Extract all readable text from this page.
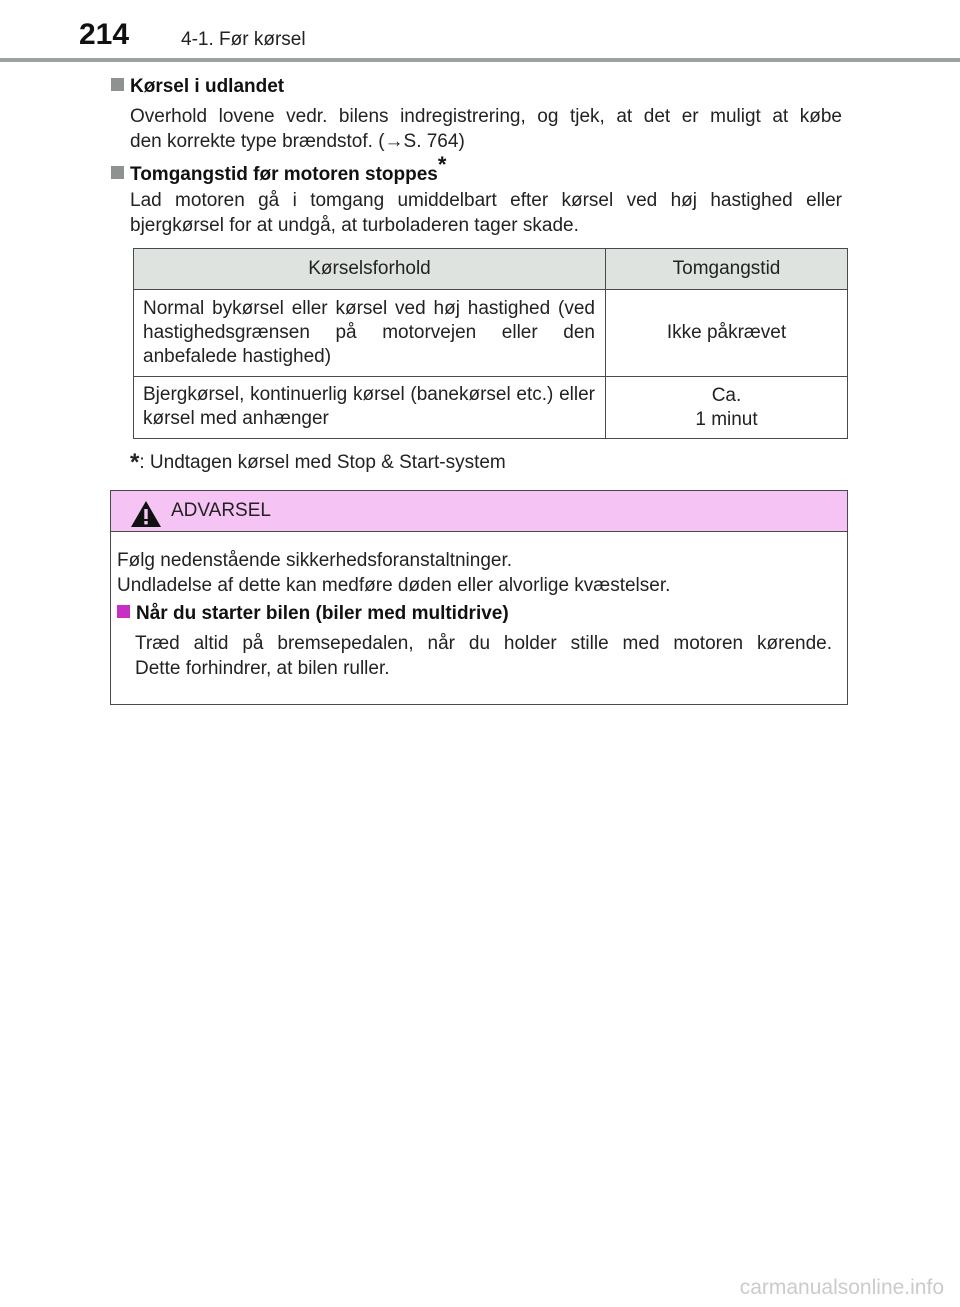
214	4-1. Før kørsel
Kørsel i udlandet
Overhold lovene vedr. bilens indregistrering, og tjek, at det er muligt at købe
den korrekte type brændstof. (→S. 764)
Tomgangstid før motoren stoppes*
Lad motoren gå i tomgang umiddelbart efter kørsel ved høj hastighed eller
bjergkørsel for at undgå, at turboladeren tager skade.
Kørselsforhold	Tomgangstid
Normal bykørsel eller kørsel ved høj hastighed (ved hastighedsgrænsen på motorvejen eller den anbefalede hastighed)	Ikke påkrævet

Bjergkørsel, kontinuerlig kørsel (banekørsel etc.) eller kørsel med anhænger	Ca.
1 minut
*: Undtagen kørsel med Stop & Start-system
ADVARSEL
Følg nedenstående sikkerhedsforanstaltninger.
Undladelse af dette kan medføre døden eller alvorlige kvæstelser.
Når du starter bilen (biler med multidrive)
Træd altid på bremsepedalen, når du holder stille med motoren kørende.
Dette forhindrer, at bilen ruller.
carmanualsonline.info
